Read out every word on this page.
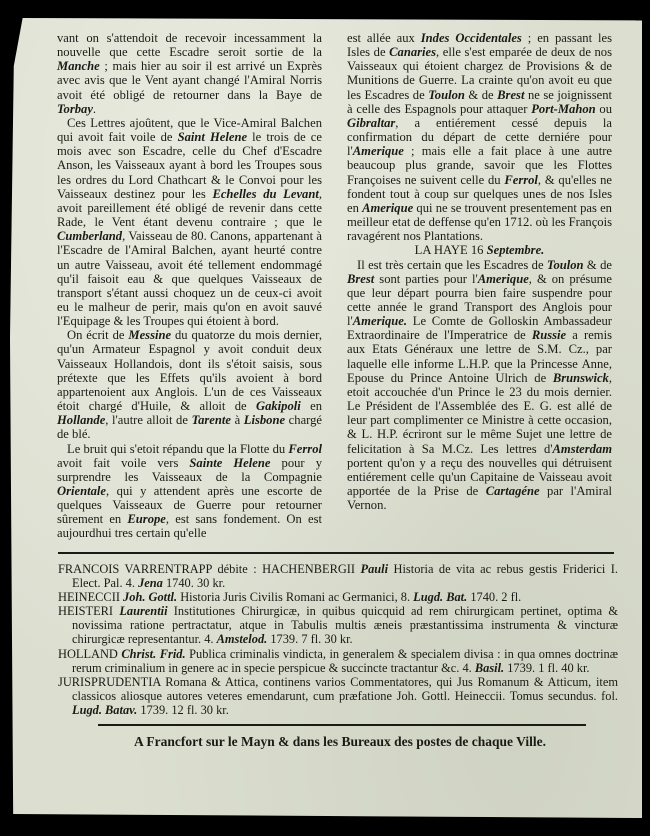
vant on s'attendoit de recevoir incessamment la nouvelle que cette Escadre seroit sortie de la Manche ; mais hier au soir il est arrivé un Exprès avec avis que le Vent ayant changé l'Amiral Norris avoit été obligé de retourner dans la Baye de Torbay.

Ces Lettres ajoûtent, que le Vice-Amiral Balchen qui avoit fait voile de Saint Helene le trois de ce mois avec son Escadre, celle du Chef d'Escadre Anson, les Vaisseaux ayant à bord les Troupes sous les ordres du Lord Chathcart & le Convoi pour les Vaisseaux destinez pour les Echelles du Levant, avoit pareillement été obligé de revenir dans cette Rade, le Vent étant devenu contraire ; que le Cumberland, Vaisseau de 80. Canons, appartenant à l'Escadre de l'Amiral Balchen, ayant heurté contre un autre Vaisseau, avoit été tellement endommagé qu'il faisoit eau & que quelques Vaisseaux de transport s'étant aussi choquez un de ceux-ci avoit eu le malheur de perir, mais qu'on en avoit sauvé l'Equipage & les Troupes qui étoient à bord.

On écrit de Messine du quatorze du mois dernier, qu'un Armateur Espagnol y avoit conduit deux Vaisseaux Hollandois, dont ils s'étoit saisis, sous prétexte que les Effets qu'ils avoient à bord appartenoient aux Anglois. L'un de ces Vaisseaux étoit chargé d'Huile, & alloit de Gakipoli en Hollande, l'autre alloit de Tarente à Lisbone chargé de blé.

Le bruit qui s'etoit répandu que la Flotte du Ferrol avoit fait voile vers Sainte Helene pour y surprendre les Vaisseaux de la Compagnie Orientale, qui y attendent après une escorte de quelques Vaisseaux de Guerre pour retourner sûrement en Europe, est sans fondement. On est aujourdhui tres certain qu'elle

est allée aux Indes Occidentales ; en passant les Isles de Canaries, elle s'est emparée de deux de nos Vaisseaux qui étoient chargez de Provisions & de Munitions de Guerre. La crainte qu'on avoit eu que les Escadres de Toulon & de Brest ne se joignissent à celle des Espagnols pour attaquer Port-Mahon ou Gibraltar, a entiérement cessé depuis la confirmation du départ de cette derniére pour l'Amerique ; mais elle a fait place à une autre beaucoup plus grande, savoir que les Flottes Françoises ne suivent celle du Ferrol, & qu'elles ne fondent tout à coup sur quelques unes de nos Isles en Amerique qui ne se trouvent presentement pas en meilleur etat de deffense qu'en 1712. où les François ravagérent nos Plantations.

LA HAYE 16 Septembre.

Il est très certain que les Escadres de Toulon & de Brest sont parties pour l'Amerique, & on présume que leur départ pourra bien faire suspendre pour cette année le grand Transport des Anglois pour l'Amerique. Le Comte de Golloskin Ambassadeur Extraordinaire de l'Imperatrice de Russie a remis aux Etats Généraux une lettre de S.M. Cz., par laquelle elle informe L.H.P. que la Princesse Anne, Epouse du Prince Antoine Ulrich de Brunswick, etoit accouchée d'un Prince le 23 du mois dernier. Le Président de l'Assemblée des E. G. est allé de leur part complimenter ce Ministre à cette occasion, & L. H.P. écriront sur le même Sujet une lettre de felicitation à Sa M.Cz. Les lettres d'Amsterdam portent qu'on y a reçu des nouvelles qui détruisent entiérement celle qu'un Capitaine de Vaisseau avoit apportée de la Prise de Cartagéne par l'Amiral Vernon.

FRANCOIS VARRENTRAPP débite : HACHENBERGII Pauli Historia de vita ac rebus gestis Friderici I. Elect. Pal. 4. Jena 1740. 30 kr.
HEINECCII Joh. Gottl. Historia Juris Civilis Romani ac Germanici, 8. Lugd. Bat. 1740. 2 fl.
HEISTERI Laurentii Institutiones Chirurgicæ, in quibus quicquid ad rem chirurgicam pertinet, optima & novissima ratione pertractatur, atque in Tabulis multis æneis præstantissima instrumenta & vincturæ chirurgicæ representantur. 4. Amstelod. 1739. 7 fl. 30 kr.
HOLLAND Christ. Frid. Publica criminalis vindicta, in generalem & specialem divisa : in qua omnes doctrinæ rerum criminalium in genere ac in specie perspicue & succincte tractantur &c. 4. Basil. 1739. 1 fl. 40 kr.
JURISPRUDENTIA Romana & Attica, continens varios Commentatores, qui Jus Romanum & Atticum, item classicos aliosque autores veteres emendarunt, cum præfatione Joh. Gottl. Heineccii. Tomus secundus. fol. Lugd. Batav. 1739. 12 fl. 30 kr.
A Francfort sur le Mayn & dans les Bureaux des postes de chaque Ville.
